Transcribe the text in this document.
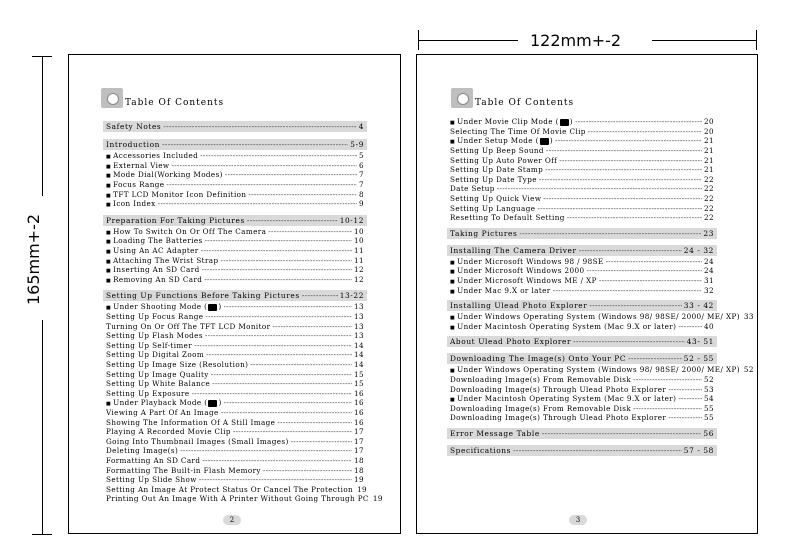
122mm+-2
165mm+-2
Table Of Contents
Safety Notes - - -	4
Introduction - - -	5-9
■ Accessories Included - - -	5
■ External View - - -	6
■ Mode Dial(Working Modes) - - -	7
■ Focus Range - - -	7
■ TFT LCD Monitor Icon Definition - - -	8
■ Icon Index - - -	9
Preparation For Taking Pictures - - -	10-12
■ How To Switch On Or Off The Camera - - -	10
■ Loading The Batteries - - -	10
■ Using An AC Adapter - - -	11
■ Attaching The Wrist Strap - - -	11
■ Inserting An SD Card - - -	12
■ Removing An SD Card - - -	12
Setting Up Functions Before Taking Pictures - - -	13-22
■ Under Shooting Mode ( ) - - -	13
Setting Up Focus Range - - -	13
Turning On Or Off The TFT LCD Monitor - - -	13
Setting Up Flash Modes - - -	13
Setting Up Self-timer - - -	14
Setting Up Digital Zoom - - -	14
Setting Up Image Size (Resolution) - - -	14
Setting Up Image Quality - - -	15
Setting Up White Balance - - -	15
Setting Up Exposure - - -	16
■ Under Playback Mode ( ) - - -	16
Viewing A Part Of An Image - - -	16
Showing The Information Of A Still Image - - -	16
Playing A Recorded Movie Clip - - -	17
Going Into Thumbnail Images (Small Images) - - -	17
Deleting Image(s) - - -	17
Formatting An SD Card - - -	18
Formatting The Built-in Flash Memory - - -	18
Setting Up Slide Show - - -	19
Setting An Image At Protect Status Or Cancel The Protection 19
Printing Out An Image With A Printer Without Going Through PC 19
2
Table Of Contents
■ Under Movie Clip Mode ( ) - - -	20
Selecting The Time Of Movie Clip - - -	20
■ Under Setup Mode ( ) - - -	21
Setting Up Beep Sound - - -	21
Setting Up Auto Power Off - - -	21
Setting Up Date Stamp - - -	21
Setting Up Date Type - - -	22
Date Setup - - -	22
Setting Up Quick View - - -	22
Setting Up Language - - -	22
Resetting To Default Setting - - -	22
Taking Pictures - - -	23
Installing The Camera Driver - - -	24 - 32
■ Under Microsoft Windows 98 / 98SE - - -	24
■ Under Microsoft Windows 2000 - - -	24
■ Under Microsoft Windows ME / XP - - -	31
■ Under Mac 9.X or later - - -	32
Installing Ulead Photo Explorer - - -	33 - 42
■ Under Windows Operating System (Windows 98/ 98SE/ 2000/ ME/ XP) 33
■ Under Macintosh Operating System (Mac 9.X or later) - - -	40
About Ulead Photo Explorer - - -	43- 51
Downloading The Image(s) Onto Your PC - - -	52 - 55
■ Under Windows Operating System (Windows 98/ 98SE/ 2000/ ME/ XP) 52
Downloading Image(s) From Removable Disk - - -	52
Downloading Image(s) Through Ulead Photo Explorer - - -	53
■ Under Macintosh Operating System (Mac 9.X or later) - - -	54
Downloading Image(s) From Removable Disk - - -	55
Downloading Image(s) Through Ulead Photo Explorer - - -	55
Error Message Table - - -	56
Specifications - - -	57 - 58
3
